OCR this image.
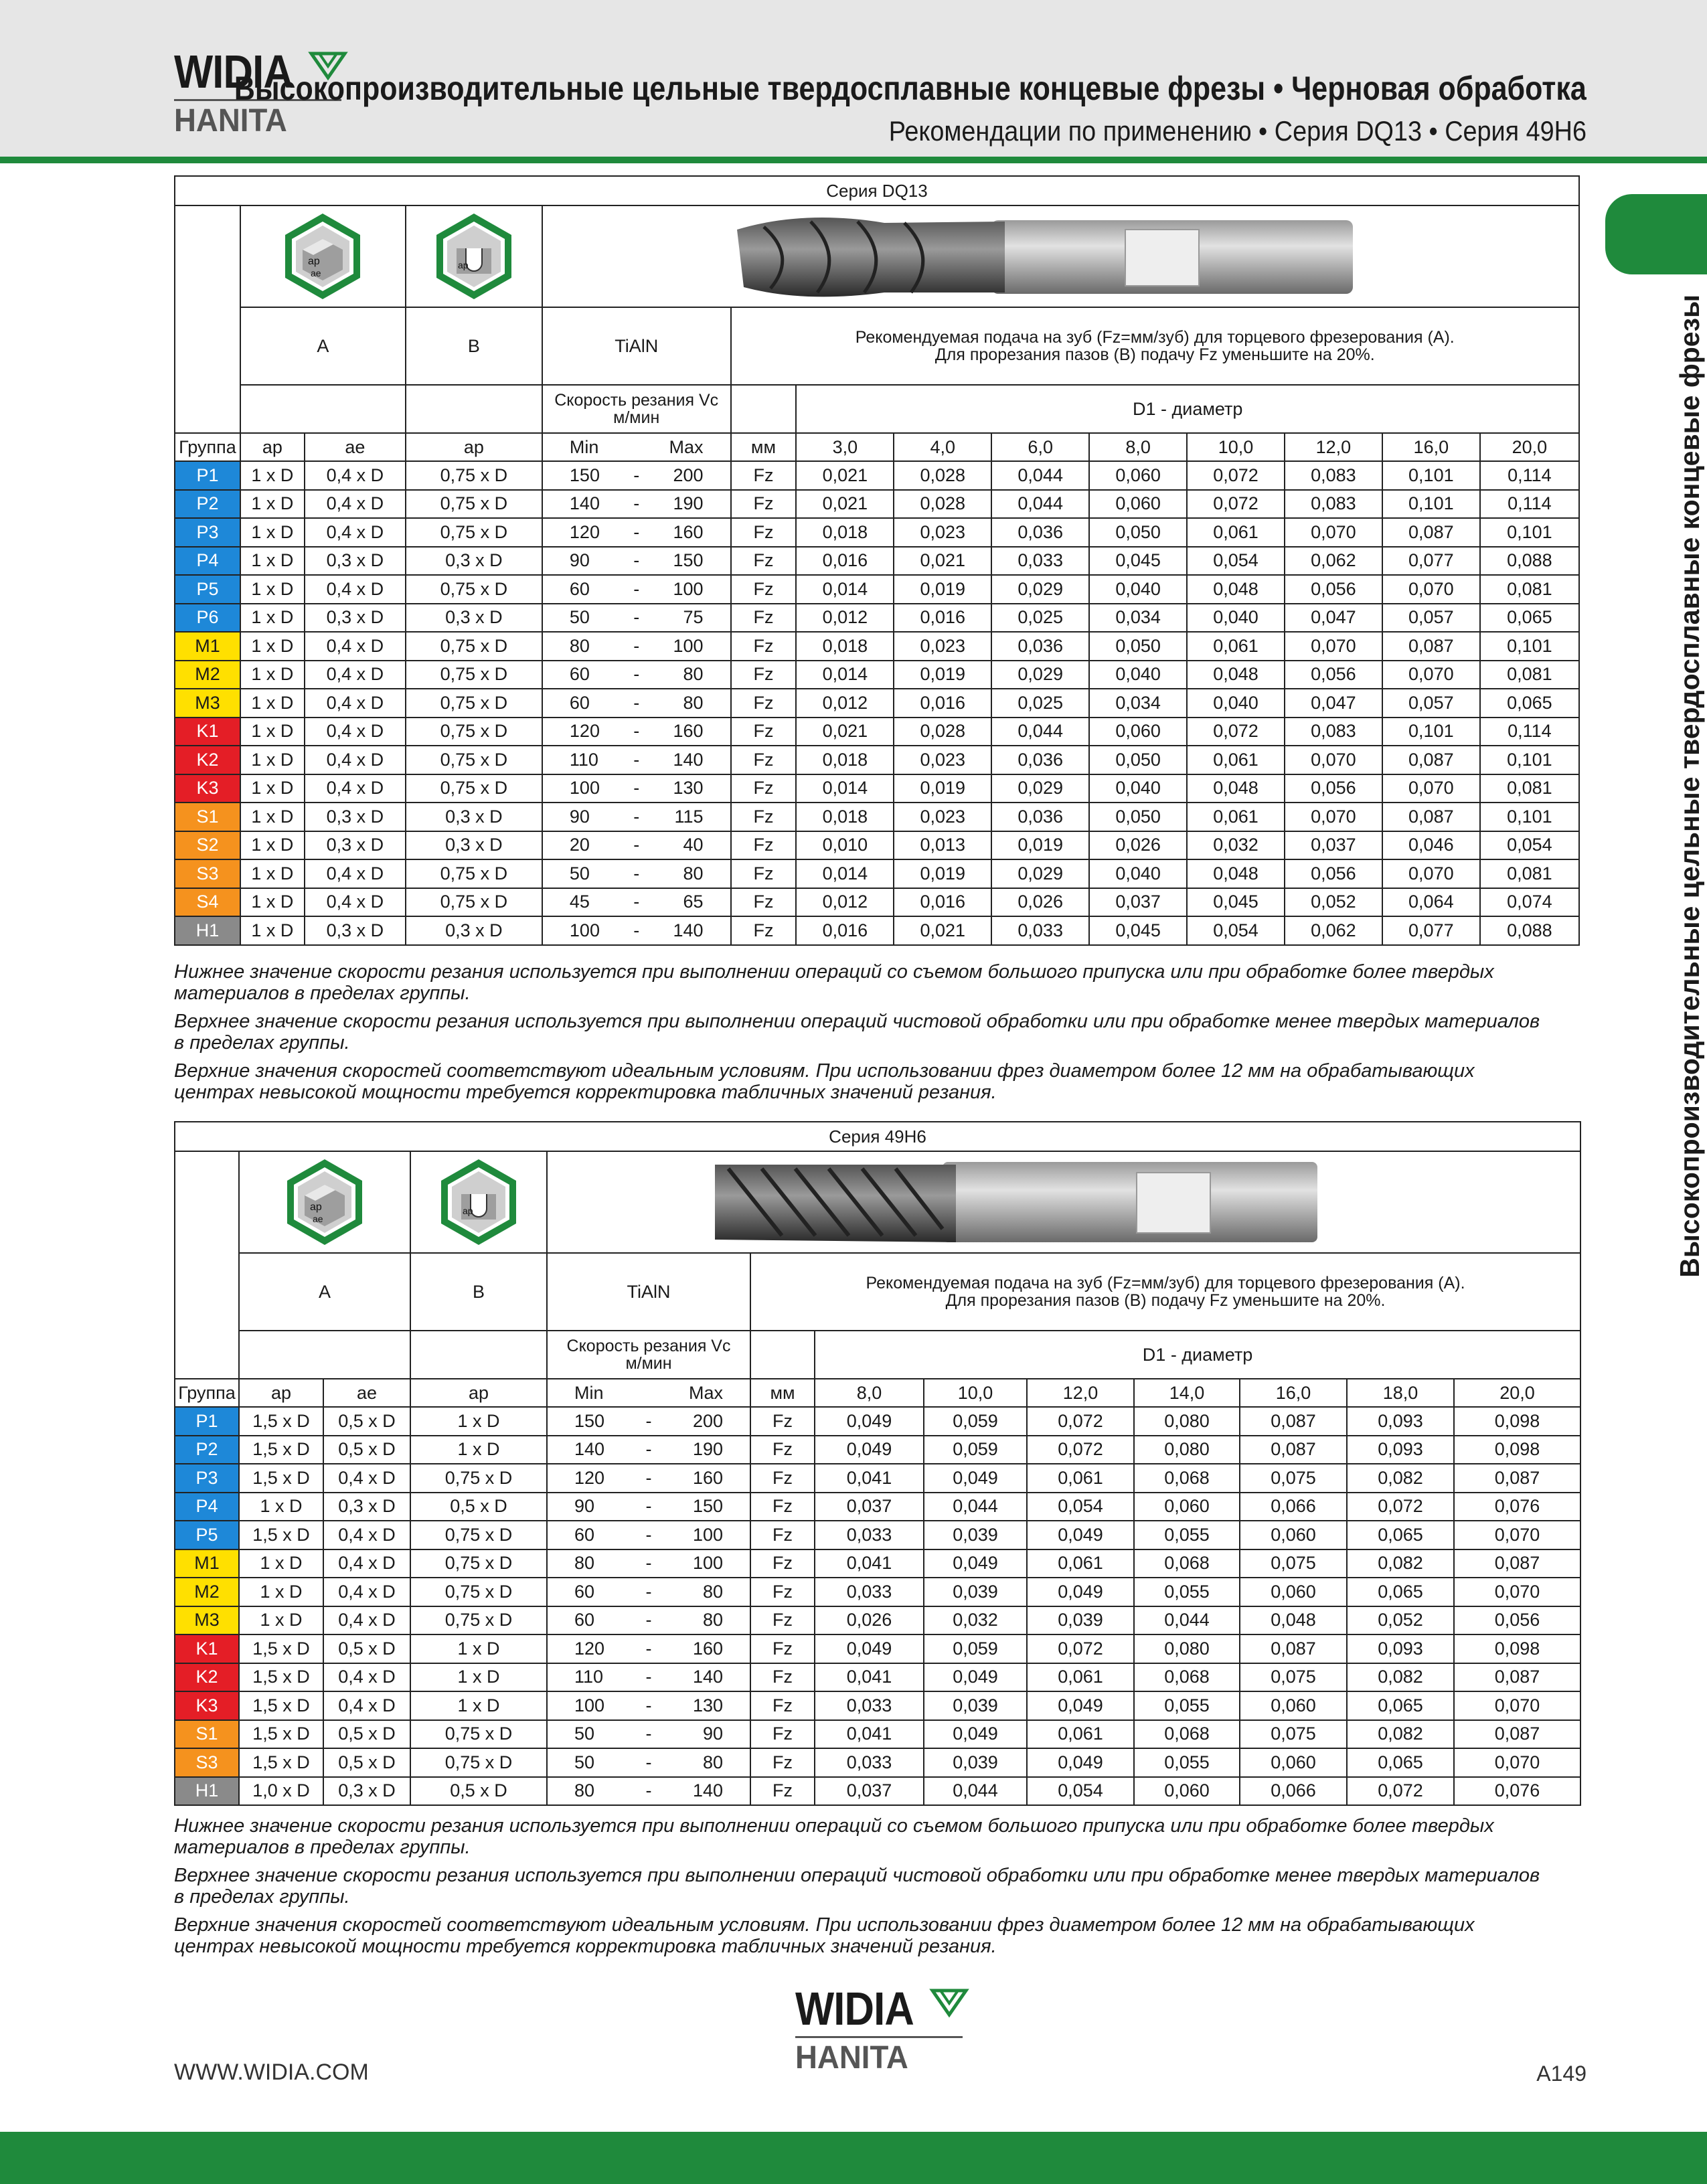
WIDIA
HANITA
Высокопроизводительные цельные твердосплавные концевые фрезы • Черновая обработка
Рекомендации по применению • Серия DQ13 • Серия 49H6
Высокопроизводительные цельные твердосплавные концевые фрезы
Серия DQ13															

ap
ae		ap

	A		B	TiAlN			Рекомендуемая подача на зуб (Fz=мм/зуб) для торцевого фрезерования (A).
Для прорезания пазов (B) подачу Fz уменьшите на 20%.								

				Скорость резания Vc
м/мин				D1 - диаметр							
Группа	ap	ae	ap	Min		Max	мм	3,0	4,0	6,0	8,0	10,0	12,0	16,0	20,0
P1	1 x D	0,4 x D	0,75 x D	150	-	200	Fz	0,021	0,028	0,044	0,060	0,072	0,083	0,101	0,114
P2	1 x D	0,4 x D	0,75 x D	140	-	190	Fz	0,021	0,028	0,044	0,060	0,072	0,083	0,101	0,114
P3	1 x D	0,4 x D	0,75 x D	120	-	160	Fz	0,018	0,023	0,036	0,050	0,061	0,070	0,087	0,101
P4	1 x D	0,3 x D	0,3 x D	90	-	150	Fz	0,016	0,021	0,033	0,045	0,054	0,062	0,077	0,088
P5	1 x D	0,4 x D	0,75 x D	60	-	100	Fz	0,014	0,019	0,029	0,040	0,048	0,056	0,070	0,081
P6	1 x D	0,3 x D	0,3 x D	50	-	75	Fz	0,012	0,016	0,025	0,034	0,040	0,047	0,057	0,065
M1	1 x D	0,4 x D	0,75 x D	80	-	100	Fz	0,018	0,023	0,036	0,050	0,061	0,070	0,087	0,101
M2	1 x D	0,4 x D	0,75 x D	60	-	80	Fz	0,014	0,019	0,029	0,040	0,048	0,056	0,070	0,081
M3	1 x D	0,4 x D	0,75 x D	60	-	80	Fz	0,012	0,016	0,025	0,034	0,040	0,047	0,057	0,065
K1	1 x D	0,4 x D	0,75 x D	120	-	160	Fz	0,021	0,028	0,044	0,060	0,072	0,083	0,101	0,114
K2	1 x D	0,4 x D	0,75 x D	110	-	140	Fz	0,018	0,023	0,036	0,050	0,061	0,070	0,087	0,101
K3	1 x D	0,4 x D	0,75 x D	100	-	130	Fz	0,014	0,019	0,029	0,040	0,048	0,056	0,070	0,081
S1	1 x D	0,3 x D	0,3 x D	90	-	115	Fz	0,018	0,023	0,036	0,050	0,061	0,070	0,087	0,101
S2	1 x D	0,3 x D	0,3 x D	20	-	40	Fz	0,010	0,013	0,019	0,026	0,032	0,037	0,046	0,054
S3	1 x D	0,4 x D	0,75 x D	50	-	80	Fz	0,014	0,019	0,029	0,040	0,048	0,056	0,070	0,081
S4	1 x D	0,4 x D	0,75 x D	45	-	65	Fz	0,012	0,016	0,026	0,037	0,045	0,052	0,064	0,074
H1	1 x D	0,3 x D	0,3 x D	100	-	140	Fz	0,016	0,021	0,033	0,045	0,054	0,062	0,077	0,088

Нижнее значение скорости резания используется при выполнении операций со съемом большого припуска или при обработке более твердых материалов в пределах группы.

Верхнее значение скорости резания используется при выполнении операций чистовой обработки или при обработке менее твердых материалов в пределах группы.

Верхние значения скоростей соответствуют идеальным условиям. При использовании фрез диаметром более 12 мм на обрабатывающих центрах невысокой мощности требуется корректировка табличных значений резания.

Серия 49H6														

ap
ae		ap

	A		B	TiAlN			Рекомендуемая подача на зуб (Fz=мм/зуб) для торцевого фрезерования (A).
Для прорезания пазов (B) подачу Fz уменьшите на 20%.							

				Скорость резания Vc
м/мин				D1 - диаметр						
Группа	ap	ae	ap	Min		Max	мм	8,0	10,0	12,0	14,0	16,0	18,0	20,0
P1	1,5 x D	0,5 x D	1 x D	150	-	200	Fz	0,049	0,059	0,072	0,080	0,087	0,093	0,098
P2	1,5 x D	0,5 x D	1 x D	140	-	190	Fz	0,049	0,059	0,072	0,080	0,087	0,093	0,098
P3	1,5 x D	0,4 x D	0,75 x D	120	-	160	Fz	0,041	0,049	0,061	0,068	0,075	0,082	0,087
P4	1 x D	0,3 x D	0,5 x D	90	-	150	Fz	0,037	0,044	0,054	0,060	0,066	0,072	0,076
P5	1,5 x D	0,4 x D	0,75 x D	60	-	100	Fz	0,033	0,039	0,049	0,055	0,060	0,065	0,070
M1	1 x D	0,4 x D	0,75 x D	80	-	100	Fz	0,041	0,049	0,061	0,068	0,075	0,082	0,087
M2	1 x D	0,4 x D	0,75 x D	60	-	80	Fz	0,033	0,039	0,049	0,055	0,060	0,065	0,070
M3	1 x D	0,4 x D	0,75 x D	60	-	80	Fz	0,026	0,032	0,039	0,044	0,048	0,052	0,056
K1	1,5 x D	0,5 x D	1 x D	120	-	160	Fz	0,049	0,059	0,072	0,080	0,087	0,093	0,098
K2	1,5 x D	0,4 x D	1 x D	110	-	140	Fz	0,041	0,049	0,061	0,068	0,075	0,082	0,087
K3	1,5 x D	0,4 x D	1 x D	100	-	130	Fz	0,033	0,039	0,049	0,055	0,060	0,065	0,070
S1	1,5 x D	0,5 x D	0,75 x D	50	-	90	Fz	0,041	0,049	0,061	0,068	0,075	0,082	0,087
S3	1,5 x D	0,5 x D	0,75 x D	50	-	80	Fz	0,033	0,039	0,049	0,055	0,060	0,065	0,070
H1	1,0 x D	0,3 x D	0,5 x D	80	-	140	Fz	0,037	0,044	0,054	0,060	0,066	0,072	0,076

Нижнее значение скорости резания используется при выполнении операций со съемом большого припуска или при обработке более твердых материалов в пределах группы.

Верхнее значение скорости резания используется при выполнении операций чистовой обработки или при обработке менее твердых материалов в пределах группы.

Верхние значения скоростей соответствуют идеальным условиям. При использовании фрез диаметром более 12 мм на обрабатывающих центрах невысокой мощности требуется корректировка табличных значений резания.

WIDIA
HANITA
WWW.WIDIA.COM	A149
